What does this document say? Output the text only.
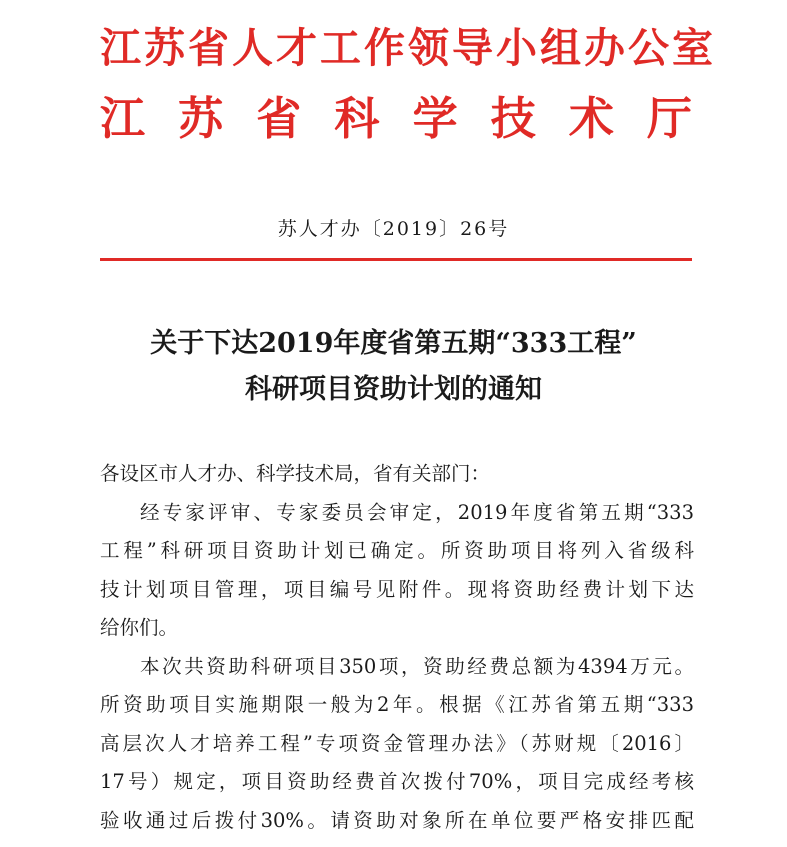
江苏省人才工作领导小组办公室
江 苏 省 科 学 技 术 厅
苏人才办〔2019〕26号
关于下达2019年度省第五期“333工程”
科研项目资助计划的通知
各设区市人才办、科学技术局，省有关部门：
经专家评审、专家委员会审定，2019年度省第五期“333
工程”科研项目资助计划已确定。所资助项目将列入省级科
技计划项目管理，项目编号见附件。现将资助经费计划下达
给你们。
本次共资助科研项目350项，资助经费总额为4394万元。
所资助项目实施期限一般为2年。根据《江苏省第五期“333
高层次人才培养工程”专项资金管理办法》（苏财规〔2016〕
17号）规定，项目资助经费首次拨付70%，项目完成经考核
验收通过后拨付30%。请资助对象所在单位要严格安排匹配
